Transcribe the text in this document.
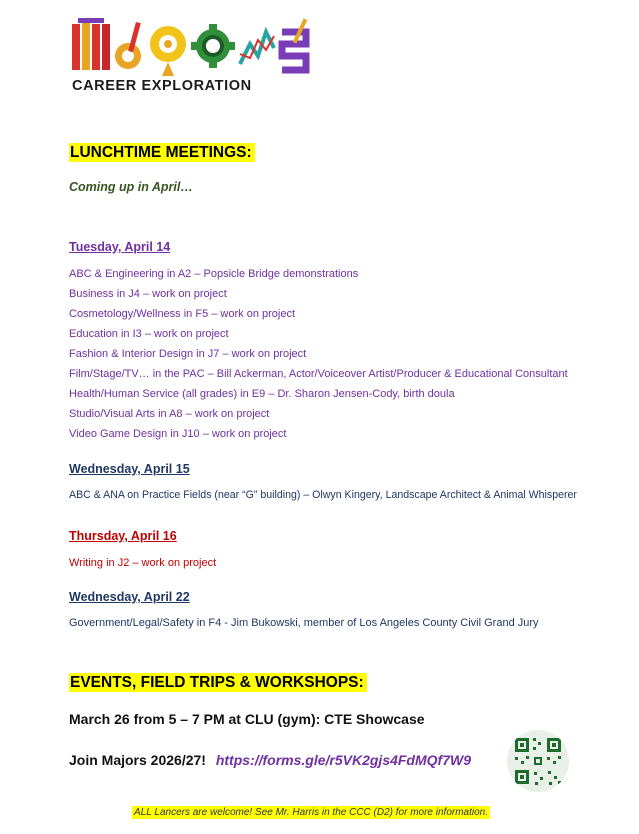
CAREER EXPLORATION
LUNCHTIME MEETINGS:
Coming up in April…
Tuesday, April 14
ABC & Engineering in A2 – Popsicle Bridge demonstrations
Business in J4 – work on project
Cosmetology/Wellness in F5 – work on project
Education in I3 – work on project
Fashion & Interior Design in J7 – work on project
Film/Stage/TV… in the PAC – Bill Ackerman, Actor/Voiceover Artist/Producer & Educational Consultant
Health/Human Service (all grades) in E9 – Dr. Sharon Jensen-Cody, birth doula
Studio/Visual Arts in A8 – work on project
Video Game Design in J10 – work on project
Wednesday, April 15
ABC & ANA on Practice Fields (near “G” building) – Olwyn Kingery, Landscape Architect & Animal Whisperer
Thursday, April 16
Writing in J2 – work on project
Wednesday, April 22
Government/Legal/Safety in F4 - Jim Bukowski, member of Los Angeles County Civil Grand Jury
EVENTS, FIELD TRIPS & WORKSHOPS:
March 26 from 5 – 7 PM at CLU (gym): CTE Showcase
Join Majors 2026/27! https://forms.gle/r5VK2gjs4FdMQf7W9
ALL Lancers are welcome! See Mr. Harris in the CCC (D2) for more information.
